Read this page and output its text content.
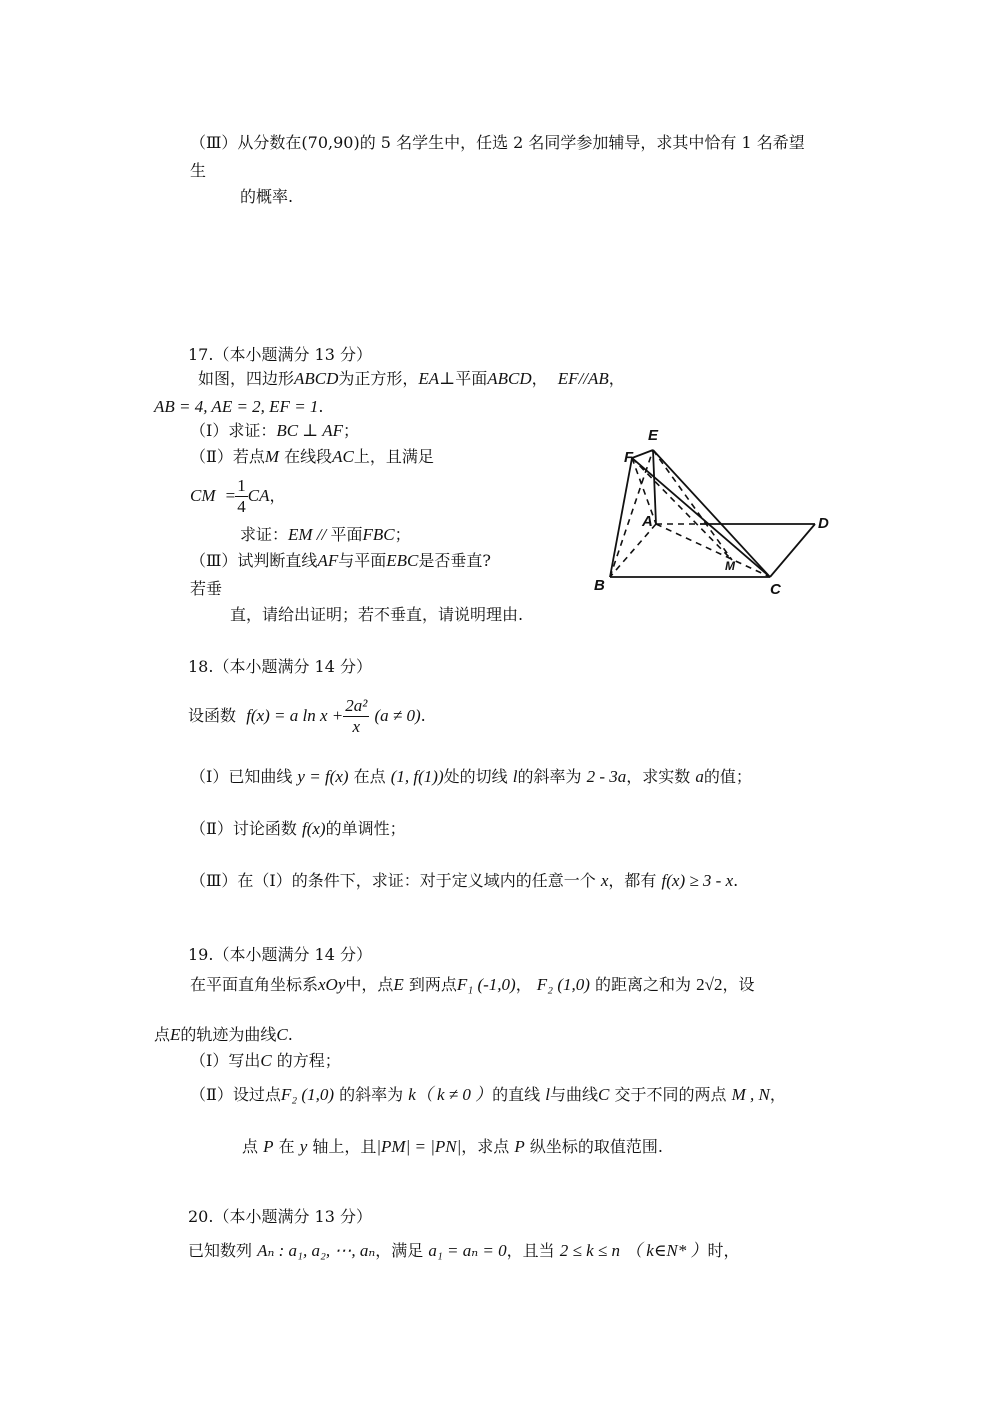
（Ⅲ）从分数在(70,90)的 5 名学生中，任选 2 名同学参加辅导，求其中恰有 1 名希望
生
的概率.
17.（本小题满分 13 分）
如图，四边形ABCD为正方形，EA⊥平面ABCD， EF//AB，
AB = 4, AE = 2, EF = 1.
（Ⅰ）求证：BC ⊥ AF；
（Ⅱ）若点M 在线段AC上，且满足
CM = $\frac{1}{4}$ CA，
求证：EM // 平面FBC；
（Ⅲ）试判断直线AF与平面EBC是否垂直?
若垂
直，请给出证明；若不垂直，请说明理由.
E
F
A	D
M
B	C
18.（本小题满分 14 分）
设函数 f(x) = a $\ln x + \frac{\text{2a²}}{x} (a \ne 0)$.
（Ⅰ）已知曲线 y = f(x) 在点 (1, f(1))处的切线 l的斜率为 2 - 3a，求实数 a的值；
（Ⅱ）讨论函数 f(x)的单调性；
（Ⅲ）在（Ⅰ）的条件下，求证：对于定义域内的任意一个 x，都有 f(x) ≥ 3 - x.
19.（本小题满分 14 分）
在平面直角坐标系xOy中，点E 到两点F₁ (-1,0)， F₂ (1,0) 的距离之和为 2√2，设
点E的轨迹为曲线C.
（Ⅰ）写出C 的方程；
（Ⅱ）设过点F₂ (1,0) 的斜率为 k（ k ≠ 0 ）的直线 l与曲线C 交于不同的两点 M , N，
点 P 在 y 轴上，且|PM| = |PN|，求点 P 纵坐标的取值范围.
20.（本小题满分 13 分）
已知数列 Aₙ : a₁, a₂, ⋯, aₙ，满足 a₁ = aₙ = 0，且当 2 ≤ k ≤ n （ k∈N* ）时，
